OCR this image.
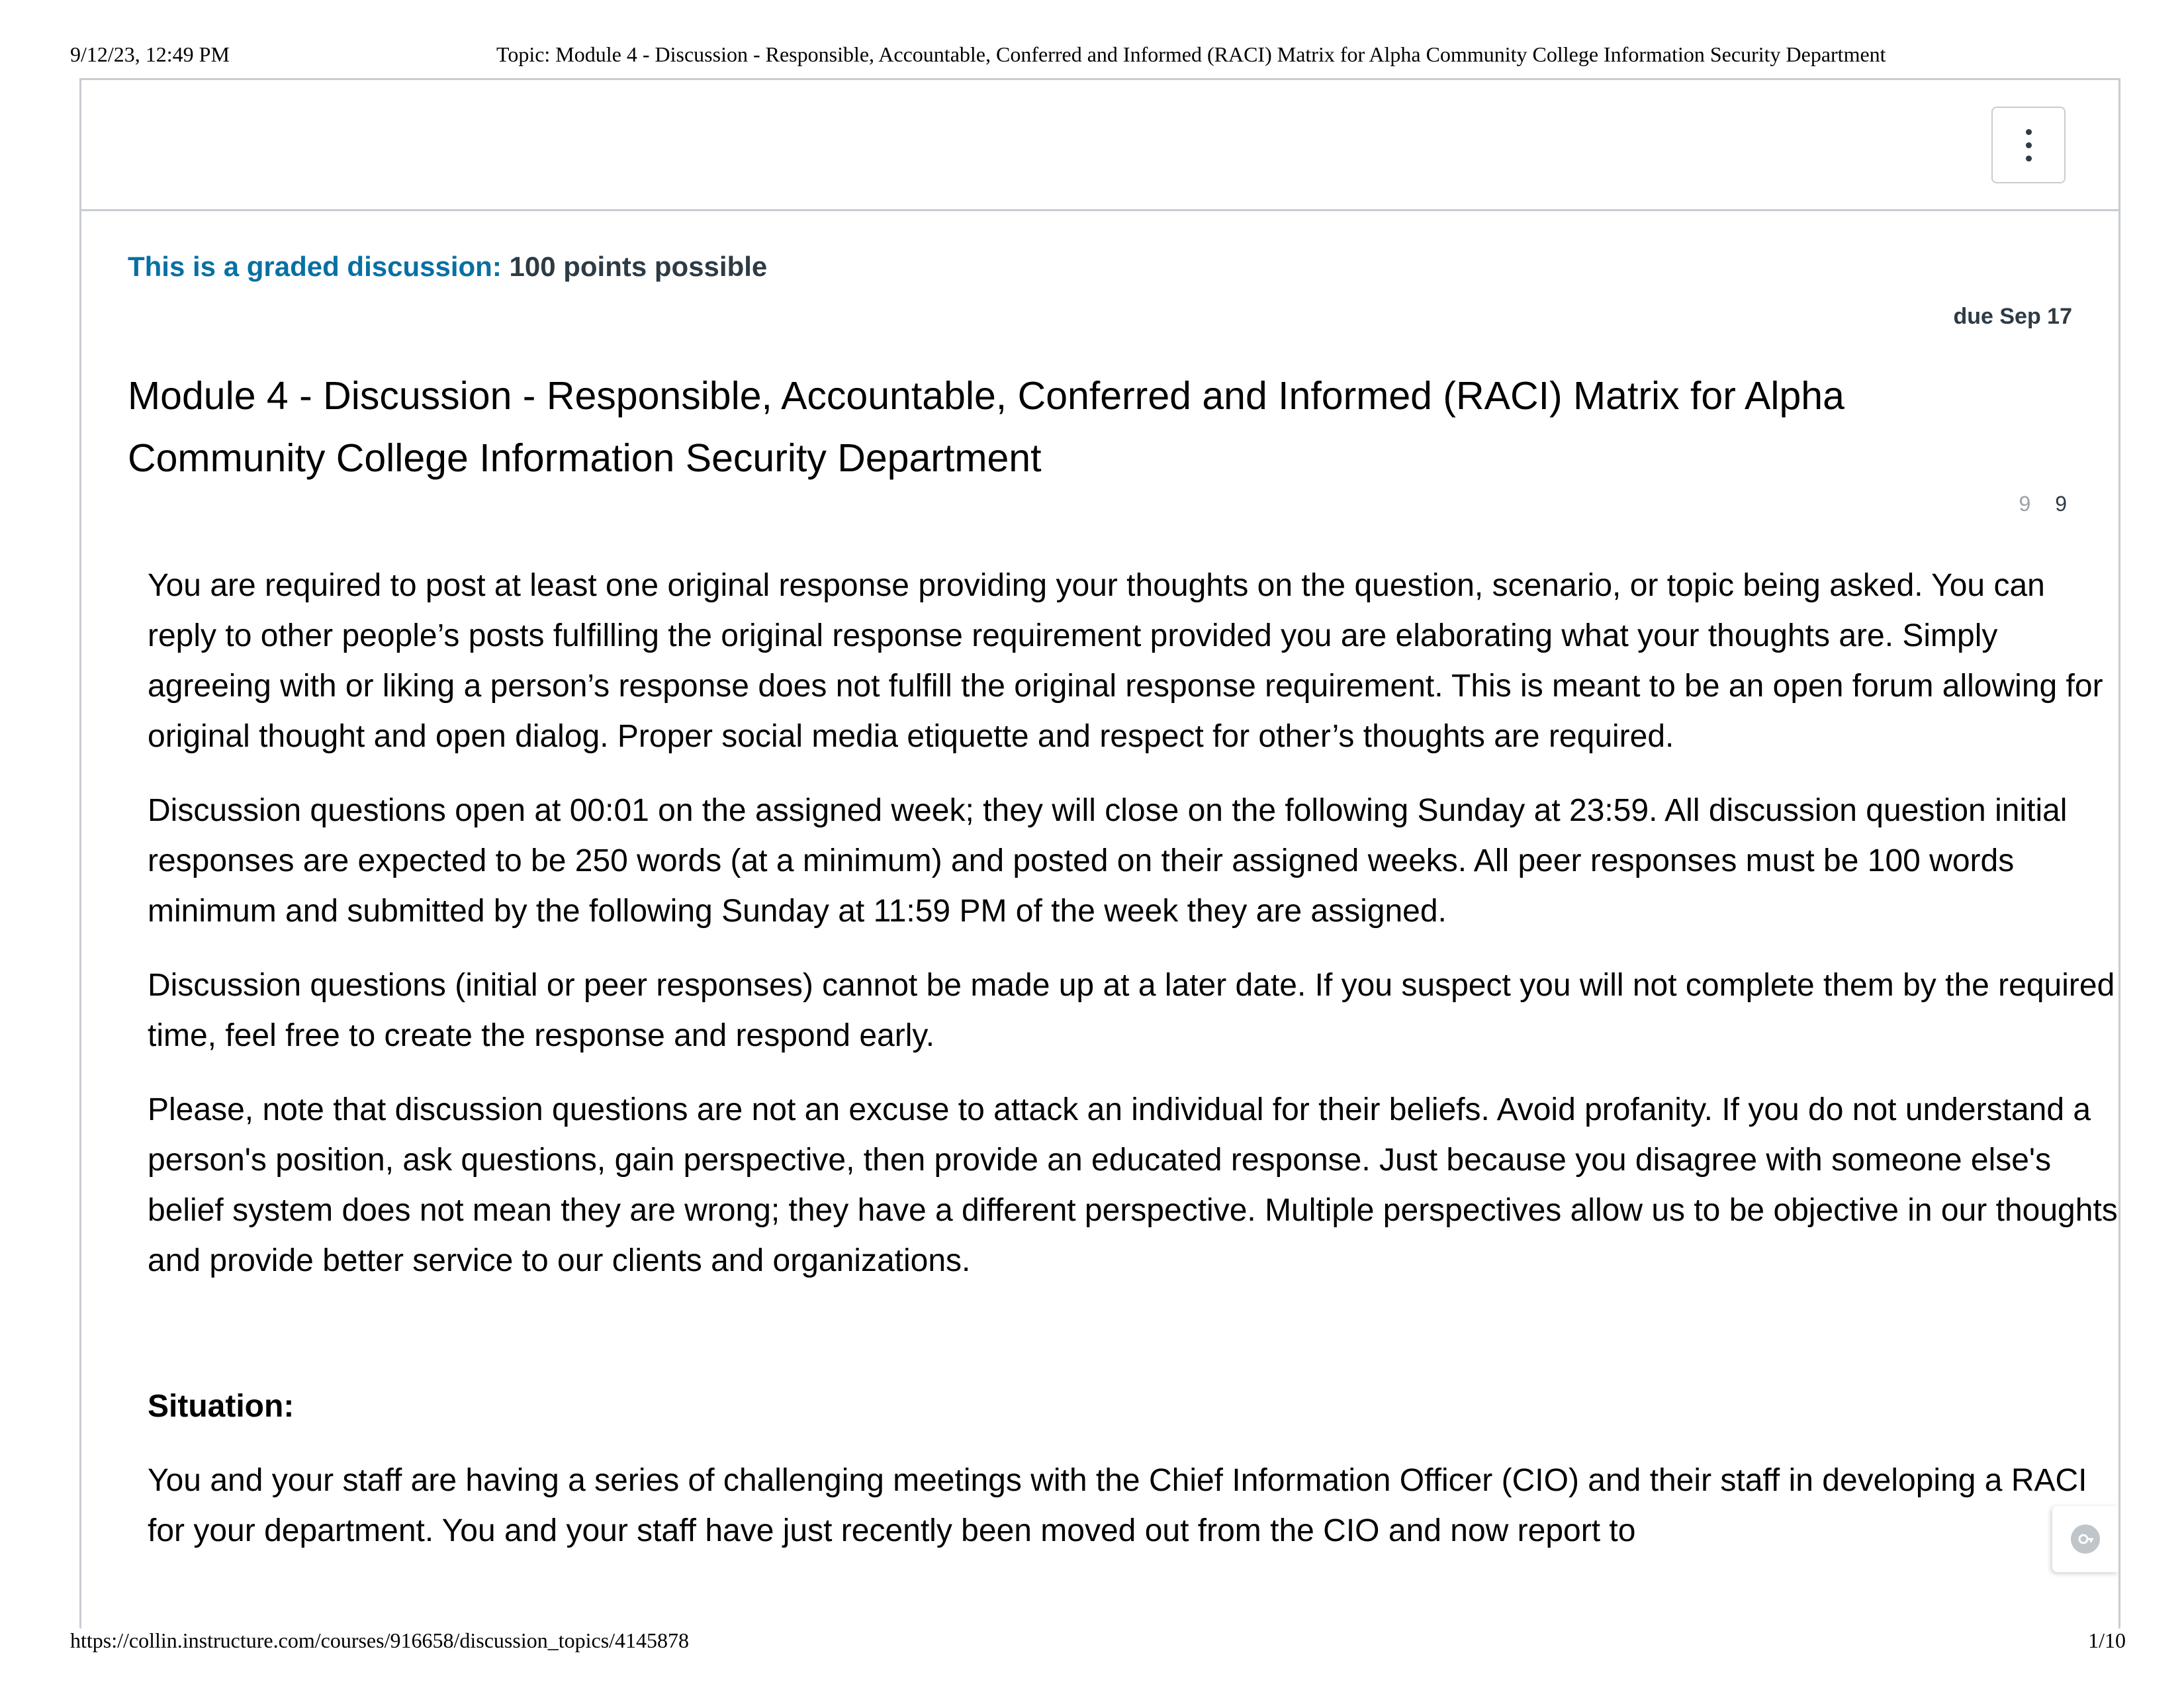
9/12/23, 12:49 PM	Topic: Module 4 - Discussion - Responsible, Accountable, Conferred and Informed (RACI) Matrix for Alpha Community College Information Security Department
This is a graded discussion: 100 points possible
due Sep 17
Module 4 - Discussion - Responsible, Accountable, Conferred and Informed (RACI) Matrix for Alpha Community College Information Security Department
9 9

You are required to post at least one original response providing your thoughts on the question, scenario, or topic being asked. You can reply to other people’s posts fulfilling the original response requirement provided you are elaborating what your thoughts are. Simply agreeing with or liking a person’s response does not fulfill the original response requirement. This is meant to be an open forum allowing for original thought and open dialog. Proper social media etiquette and respect for other’s thoughts are required.

Discussion questions open at 00:01 on the assigned week; they will close on the following Sunday at 23:59. All discussion question initial responses are expected to be 250 words (at a minimum) and posted on their assigned weeks. All peer responses must be 100 words minimum and submitted by the following Sunday at 11:59 PM of the week they are assigned.

Discussion questions (initial or peer responses) cannot be made up at a later date. If you suspect you will not complete them by the required time, feel free to create the response and respond early.

Please, note that discussion questions are not an excuse to attack an individual for their beliefs. Avoid profanity. If you do not understand a person's position, ask questions, gain perspective, then provide an educated response. Just because you disagree with someone else's belief system does not mean they are wrong; they have a different perspective. Multiple perspectives allow us to be objective in our thoughts and provide better service to our clients and organizations.

Situation:

You and your staff are having a series of challenging meetings with the Chief Information Officer (CIO) and their staff in developing a RACI for your department. You and your staff have just recently been moved out from the CIO and now report to

https://collin.instructure.com/courses/916658/discussion_topics/4145878	1/10
